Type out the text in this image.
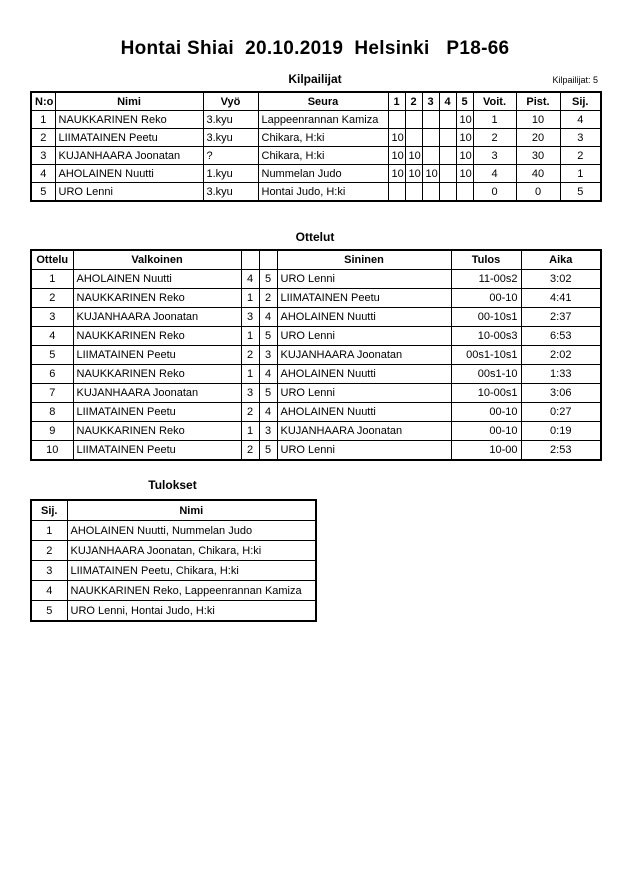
Hontai Shiai  20.10.2019  Helsinki   P18-66
Kilpailijat	Kilpailijat: 5
N:o	Nimi	Vyö	Seura	1	2	3	4	5	Voit.	Pist.	Sij.
1	NAUKKARINEN Reko	3.kyu	Lappeenrannan Kamiza					10	1	10	4
2	LIIMATAINEN Peetu	3.kyu	Chikara, H:ki	10				10	2	20	3
3	KUJANHAARA Joonatan	?	Chikara, H:ki	10	10			10	3	30	2
4	AHOLAINEN Nuutti	1.kyu	Nummelan Judo	10	10	10		10	4	40	1
5	URO Lenni	3.kyu	Hontai Judo, H:ki						0	0	5
Ottelut
Ottelu	Valkoinen			Sininen	Tulos	Aika
1	AHOLAINEN Nuutti	4	5	URO Lenni	11-00s2	3:02
2	NAUKKARINEN Reko	1	2	LIIMATAINEN Peetu	00-10	4:41
3	KUJANHAARA Joonatan	3	4	AHOLAINEN Nuutti	00-10s1	2:37
4	NAUKKARINEN Reko	1	5	URO Lenni	10-00s3	6:53
5	LIIMATAINEN Peetu	2	3	KUJANHAARA Joonatan	00s1-10s1	2:02
6	NAUKKARINEN Reko	1	4	AHOLAINEN Nuutti	00s1-10	1:33
7	KUJANHAARA Joonatan	3	5	URO Lenni	10-00s1	3:06
8	LIIMATAINEN Peetu	2	4	AHOLAINEN Nuutti	00-10	0:27
9	NAUKKARINEN Reko	1	3	KUJANHAARA Joonatan	00-10	0:19
10	LIIMATAINEN Peetu	2	5	URO Lenni	10-00	2:53
Tulokset
Sij.	Nimi
1	AHOLAINEN Nuutti, Nummelan Judo
2	KUJANHAARA Joonatan, Chikara, H:ki
3	LIIMATAINEN Peetu, Chikara, H:ki
4	NAUKKARINEN Reko, Lappeenrannan Kamiza
5	URO Lenni, Hontai Judo, H:ki
